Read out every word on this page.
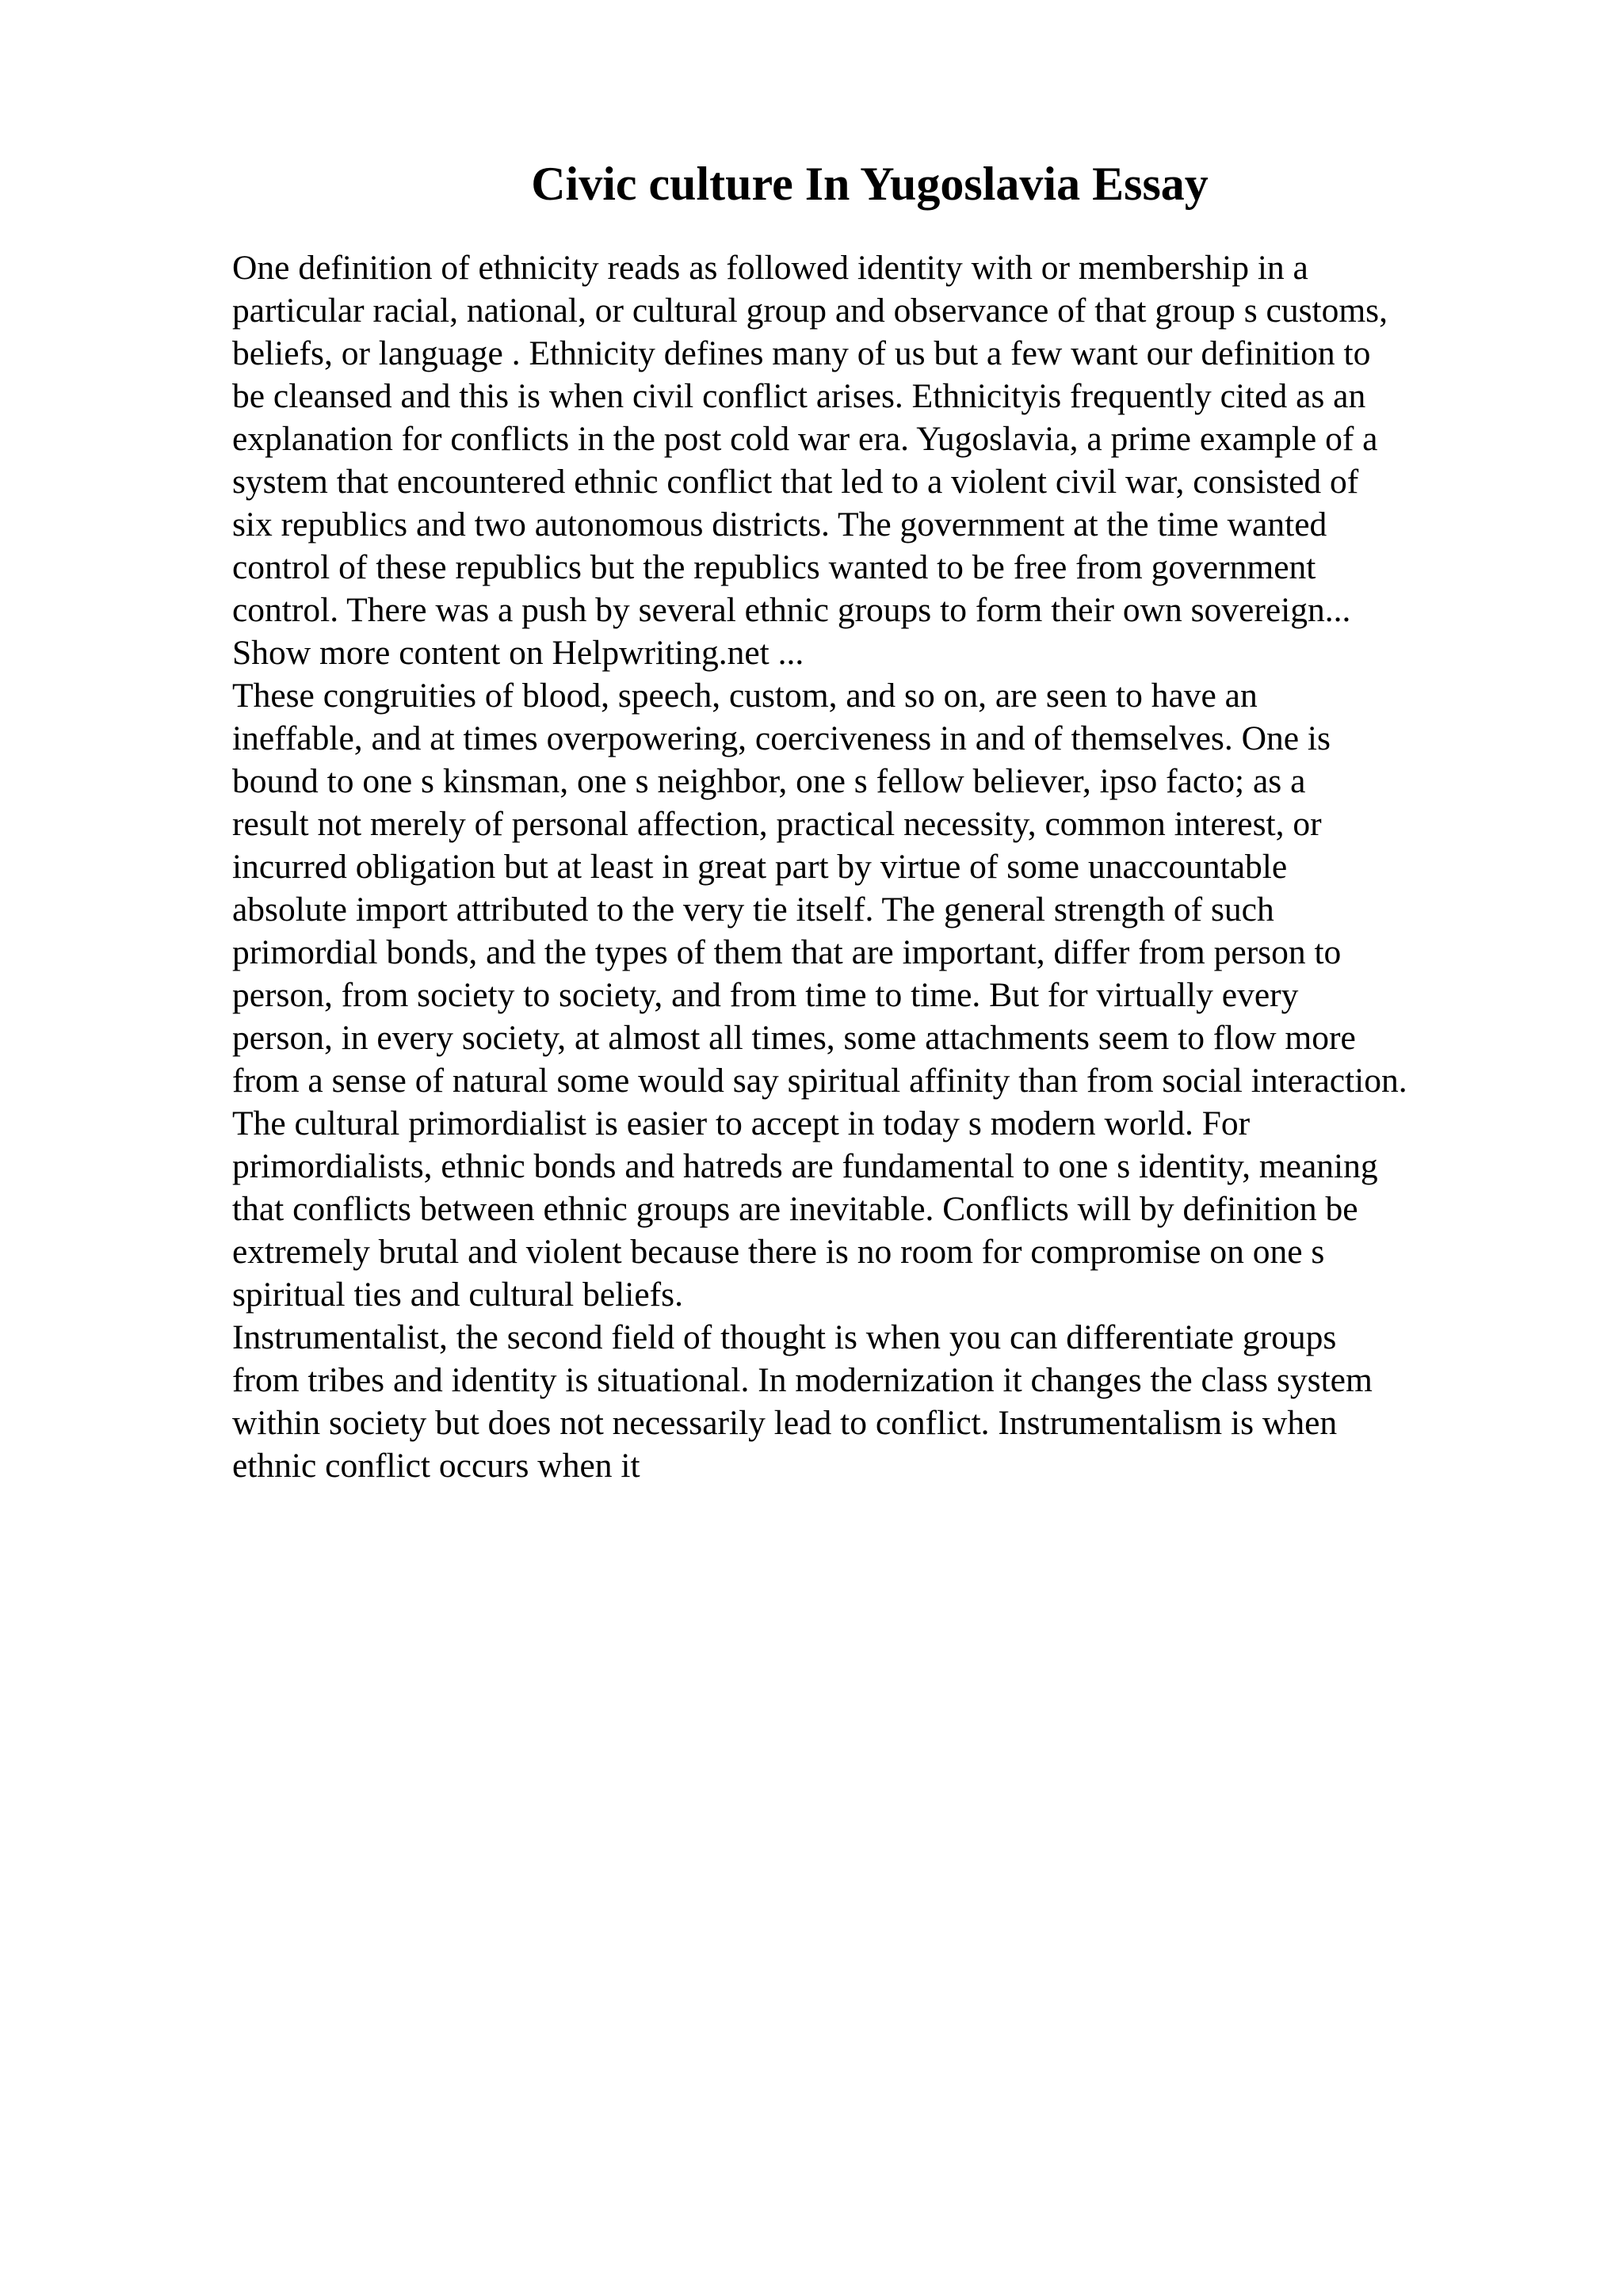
Civic culture In Yugoslavia Essay
One definition of ethnicity reads as followed identity with or membership in a
particular racial, national, or cultural group and observance of that group s customs,
beliefs, or language . Ethnicity defines many of us but a few want our definition to
be cleansed and this is when civil conflict arises. Ethnicityis frequently cited as an
explanation for conflicts in the post cold war era. Yugoslavia, a prime example of a
system that encountered ethnic conflict that led to a violent civil war, consisted of
six republics and two autonomous districts. The government at the time wanted
control of these republics but the republics wanted to be free from government
control. There was a push by several ethnic groups to form their own sovereign...
Show more content on Helpwriting.net ...
These congruities of blood, speech, custom, and so on, are seen to have an
ineffable, and at times overpowering, coerciveness in and of themselves. One is
bound to one s kinsman, one s neighbor, one s fellow believer, ipso facto; as a
result not merely of personal affection, practical necessity, common interest, or
incurred obligation but at least in great part by virtue of some unaccountable
absolute import attributed to the very tie itself. The general strength of such
primordial bonds, and the types of them that are important, differ from person to
person, from society to society, and from time to time. But for virtually every
person, in every society, at almost all times, some attachments seem to flow more
from a sense of natural some would say spiritual affinity than from social interaction.
The cultural primordialist is easier to accept in today s modern world. For
primordialists, ethnic bonds and hatreds are fundamental to one s identity, meaning
that conflicts between ethnic groups are inevitable. Conflicts will by definition be
extremely brutal and violent because there is no room for compromise on one s
spiritual ties and cultural beliefs.
Instrumentalist, the second field of thought is when you can differentiate groups
from tribes and identity is situational. In modernization it changes the class system
within society but does not necessarily lead to conflict. Instrumentalism is when
ethnic conflict occurs when it
